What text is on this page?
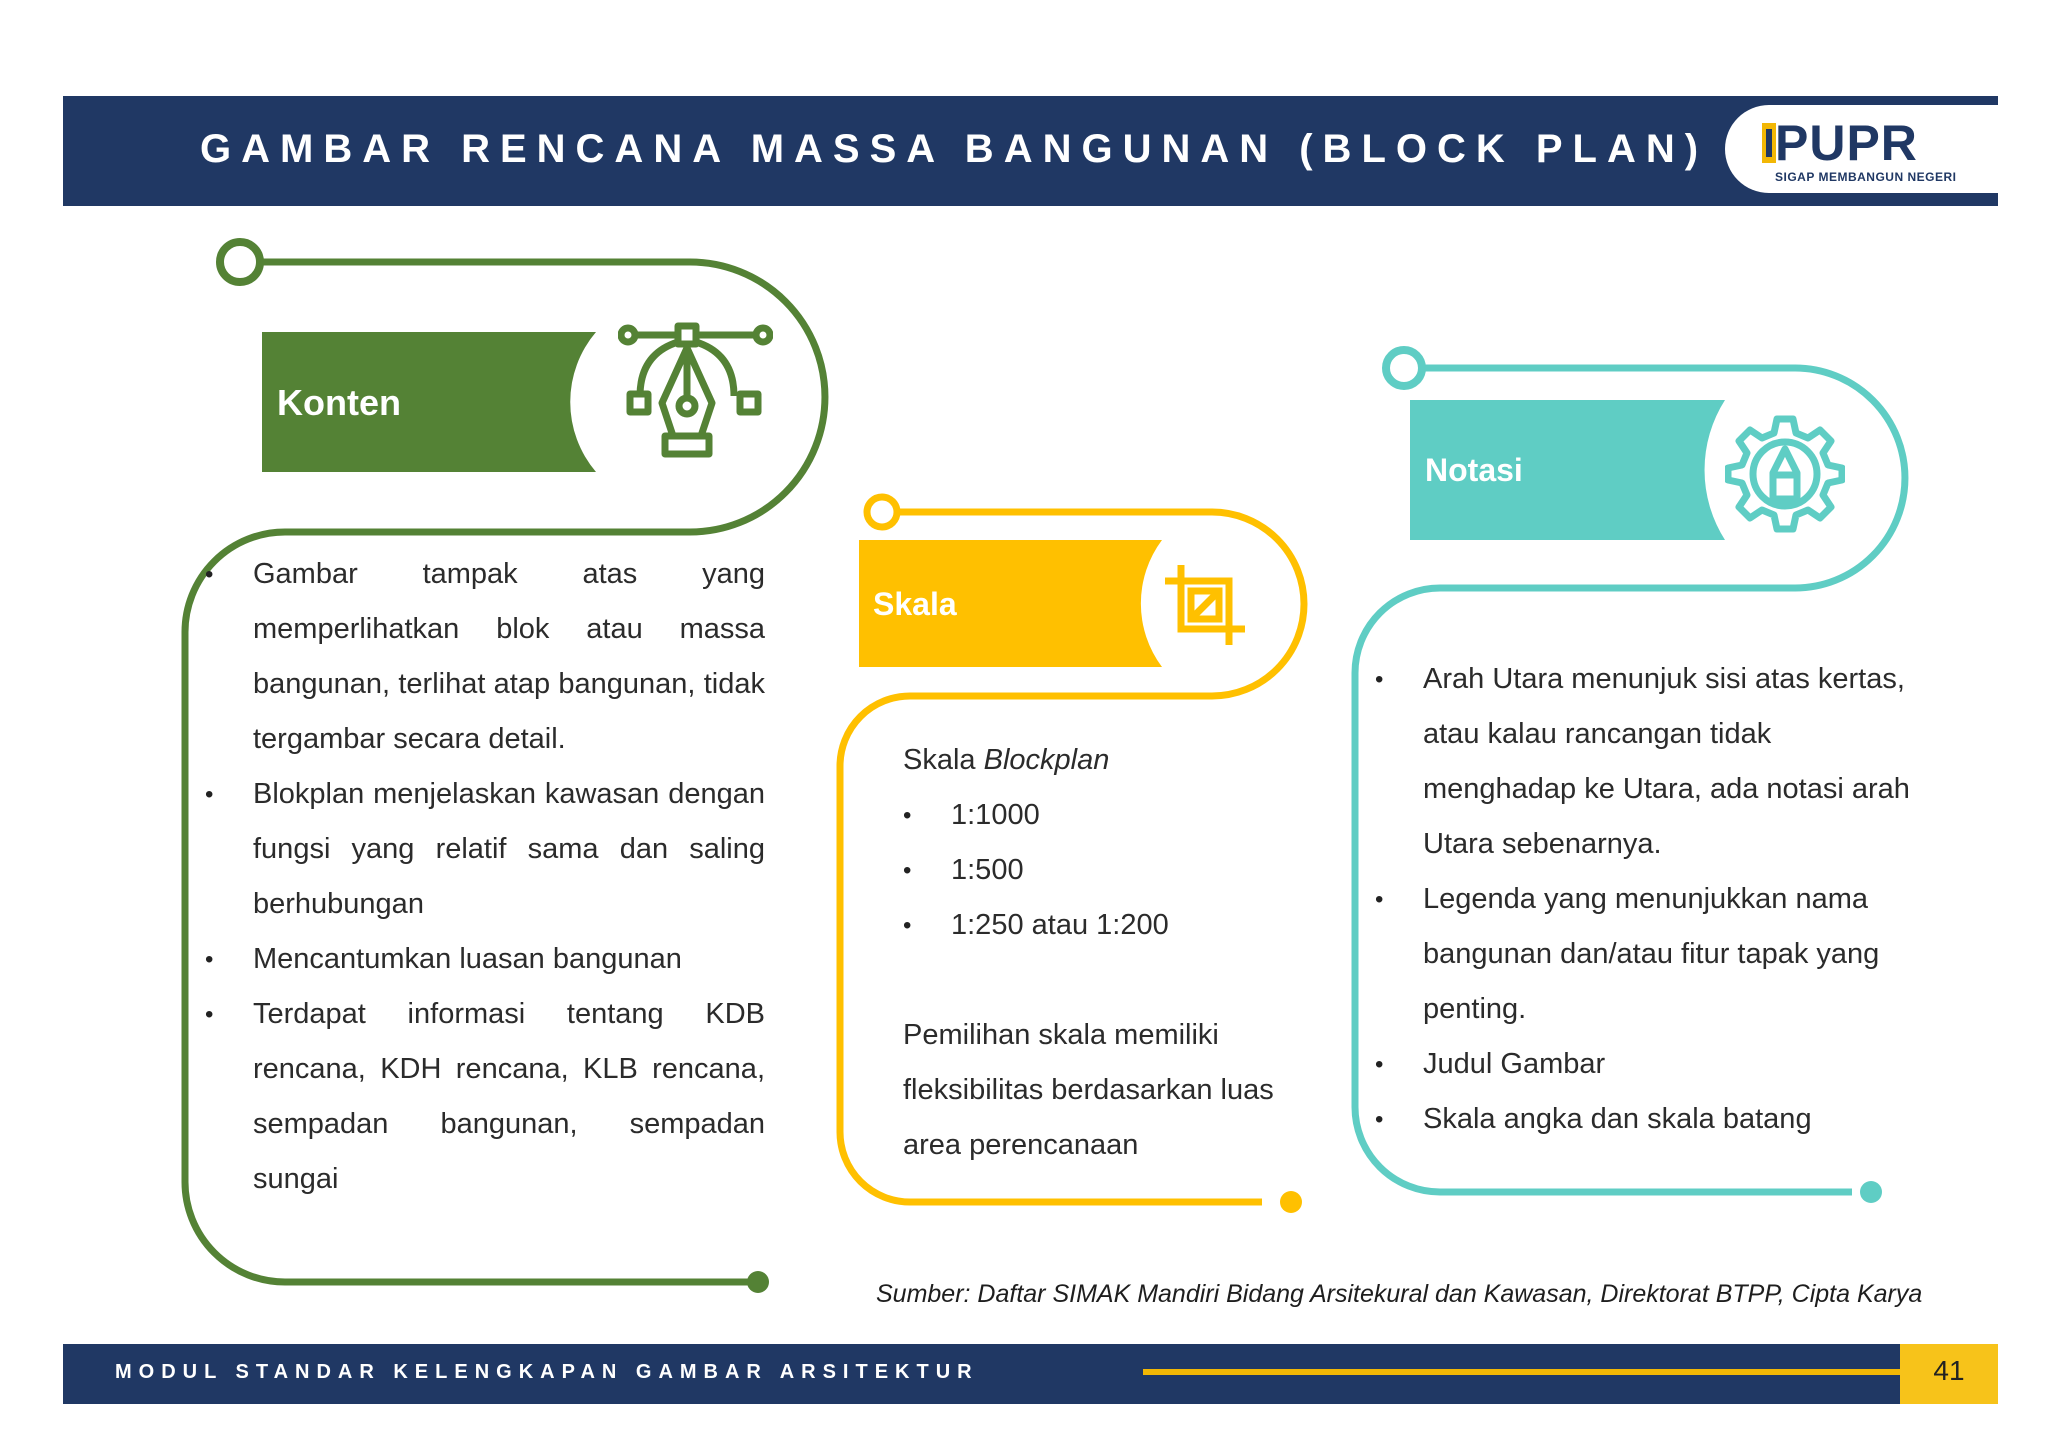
GAMBAR RENCANA MASSA BANGUNAN (BLOCK PLAN) PUPR
SIGAP MEMBANGUN NEGERI
Konten
Skala
Notasi
• Gambar tampak atas yang memperlihatkan blok atau massa bangunan, terlihat atap bangunan, tidak tergambar secara detail.
• Blokplan menjelaskan kawasan dengan fungsi yang relatif sama dan saling berhubungan
• Mencantumkan luasan bangunan
• Terdapat informasi tentang KDB rencana, KDH rencana, KLB rencana, sempadan bangunan, sempadan sungai
Skala Blockplan
• 1:1000
• 1:500
• 1:250 atau 1:200
Pemilihan skala memiliki fleksibilitas berdasarkan luas area perencanaan
• Arah Utara menunjuk sisi atas kertas, atau kalau rancangan tidak menghadap ke Utara, ada notasi arah Utara sebenarnya.
• Legenda yang menunjukkan nama bangunan dan/atau fitur tapak yang penting.
• Judul Gambar
• Skala angka dan skala batang
Sumber: Daftar SIMAK Mandiri Bidang Arsitekural dan Kawasan, Direktorat BTPP, Cipta Karya
MODUL STANDAR KELENGKAPAN GAMBAR ARSITEKTUR	41
